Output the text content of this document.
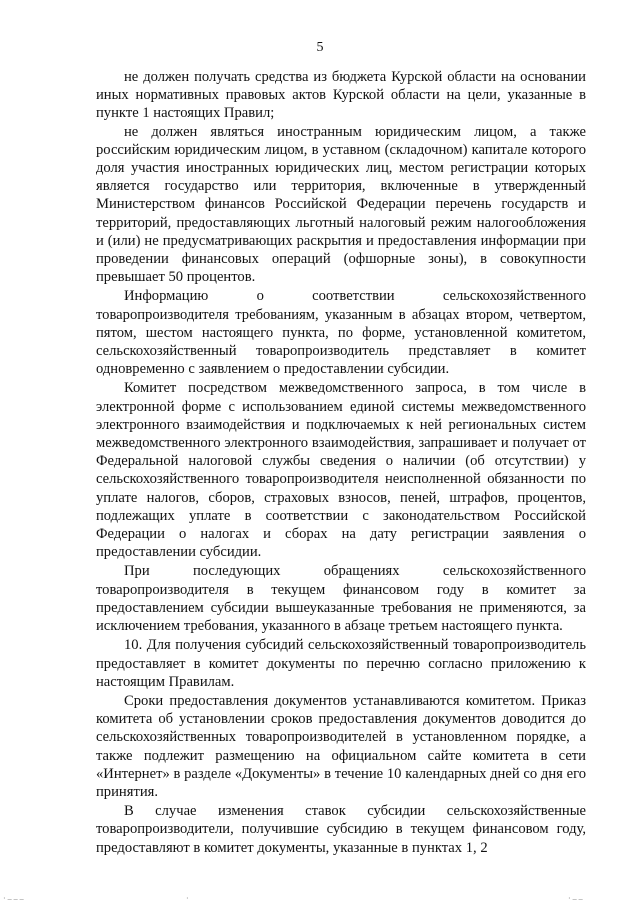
5

не должен получать средства из бюджета Курской области на основании иных нормативных правовых актов Курской области на цели, указанные в пункте 1 настоящих Правил;

не должен являться иностранным юридическим лицом, а также российским юридическим лицом, в уставном (складочном) капитале которого доля участия иностранных юридических лиц, местом регистрации которых является государство или территория, включенные в утвержденный Министерством финансов Российской Федерации перечень государств и территорий, предоставляющих льготный налоговый режим налогообложения и (или) не предусматривающих раскрытия и предоставления информации при проведении финансовых операций (офшорные зоны), в совокупности превышает 50 процентов.

Информацию о соответствии сельскохозяйственного товаропроизводителя требованиям, указанным в абзацах втором, четвертом, пятом, шестом настоящего пункта, по форме, установленной комитетом, сельскохозяйственный товаропроизводитель представляет в комитет одновременно с заявлением о предоставлении субсидии.

Комитет посредством межведомственного запроса, в том числе в электронной форме с использованием единой системы межведомственного электронного взаимодействия и подключаемых к ней региональных систем межведомственного электронного взаимодействия, запрашивает и получает от Федеральной налоговой службы сведения о наличии (об отсутствии) у сельскохозяйственного товаропроизводителя неисполненной обязанности по уплате налогов, сборов, страховых взносов, пеней, штрафов, процентов, подлежащих уплате в соответствии с законодательством Российской Федерации о налогах и сборах на дату регистрации заявления о предоставлении субсидии.

При последующих обращениях сельскохозяйственного товаропроизводителя в текущем финансовом году в комитет за предоставлением субсидии вышеуказанные требования не применяются, за исключением требования, указанного в абзаце третьем настоящего пункта.

10. Для получения субсидий сельскохозяйственный товаропроизводитель предоставляет в комитет документы по перечню согласно приложению к настоящим Правилам.

Сроки предоставления документов устанавливаются комитетом. Приказ комитета об установлении сроков предоставления документов доводится до сельскохозяйственных товаропроизводителей в установленном порядке, а также подлежит размещению на официальном сайте комитета в сети «Интернет» в разделе «Документы» в течение 10 календарных дней со дня его принятия.

В случае изменения ставок субсидии сельскохозяйственные товаропроизводители, получившие субсидию в текущем финансовом году, предоставляют в комитет документы, указанные в пунктах 1, 2

· – – –	·	· – –
